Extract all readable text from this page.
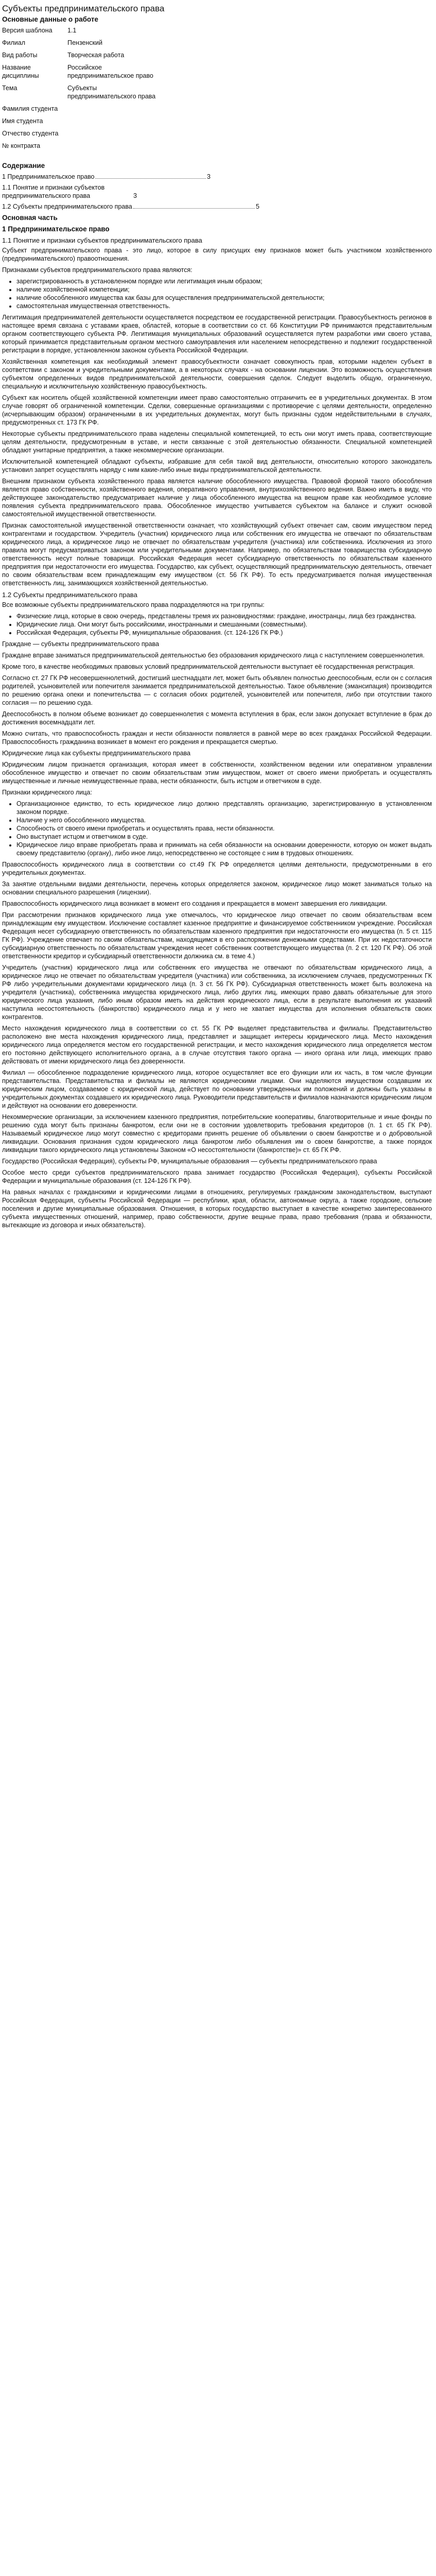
Субъекты предпринимательского права
Основные данные о работе
Версия шаблона	1.1
Филиал	Пензенский
Вид работы	Творческая работа
Название дисциплины	Российское предпринимательское право
Тема	Субъекты предпринимательского права
Фамилия студента	
Имя студента	
Отчество студента	
№ контракта	
Содержание
1 Предпринимательское право	3
1.1 Понятие и признаки субъектов предпринимательского права	3
1.2 Субъекты предпринимательского права	5
Основная часть
1 Предпринимательское право
1.1 Понятие и признаки субъектов предпринимательского права

Субъект предпринимательского права - это лицо, которое в силу присущих ему признаков может быть участником хозяйственного (предпринимательского) правоотношения.

Признаками субъектов предпринимательского права являются:

• зарегистрированность в установленном порядке или легитимация иным образом;
• наличие хозяйственной компетенции;
• наличие обособленного имущества как базы для осуществления предпринимательской деятельности;
• самостоятельная имущественная ответственность.

Легитимация предпринимателей деятельности осуществляется посредством ее государственной регистрации. Правосубъектность регионов в настоящее время связана с уставами краев, областей, которые в соответствии со ст. 66 Конституции РФ принимаются представительным органом соответствующего субъекта РФ. Легитимация муниципальных образований осуществляется путем разработки ими своего устава, который принимается представительным органом местного самоуправления или населением непосредственно и подлежит государственной регистрации в порядке, установленном законом субъекта Российской Федерации.

Хозяйственная компетенция как необходимый элемент правосубъектности означает совокупность прав, которыми наделен субъект в соответствии с законом и учредительными документами, а в некоторых случаях - на основании лицензии. Это возможность осуществления субъектом определенных видов предпринимательской деятельности, совершения сделок. Следует выделить общую, ограниченную, специальную и исключительную хозяйственную правосубъектность.

Субъект как носитель общей хозяйственной компетенции имеет право самостоятельно отграничить ее в учредительных документах. В этом случае говорят об ограниченной компетенции. Сделки, совершенные организациями с противоречие с целями деятельности, определенно (исчерпывающим образом) ограниченными в их учредительных документах, могут быть признаны судом недействительными в случаях, предусмотренных ст. 173 ГК РФ.

Некоторые субъекты предпринимательского права наделены специальной компетенцией, то есть они могут иметь права, соответствующие целям деятельности, предусмотренным в уставе, и нести связанные с этой деятельностью обязанности. Специальной компетенцией обладают унитарные предприятия, а также некоммерческие организации.

Исключительной компетенцией обладают субъекты, избравшие для себя такой вид деятельности, относительно которого законодатель установил запрет осуществлять наряду с ним какие-либо иные виды предпринимательской деятельности.

Внешним признаком субъекта хозяйственного права является наличие обособленного имущества. Правовой формой такого обособления является право собственности, хозяйственного ведения, оперативного управления, внутрихозяйственного ведения. Важно иметь в виду, что действующее законодательство предусматривает наличие у лица обособленного имущества на вещном праве как необходимое условие появления субъекта предпринимательского права. Обособленное имущество учитывается субъектом на балансе и служит основой самостоятельной имущественной ответственности.

Признак самостоятельной имущественной ответственности означает, что хозяйствующий субъект отвечает сам, своим имуществом перед контрагентами и государством. Учредитель (участник) юридического лица или собственник его имущества не отвечают по обязательствам юридического лица, а юридическое лицо не отвечает по обязательствам учредителя (участника) или собственника. Исключения из этого правила могут предусматриваться законом или учредительными документами. Например, по обязательствам товарищества субсидиарную ответственность несут полные товарищи. Российская Федерация несет субсидиарную ответственность по обязательствам казенного предприятия при недостаточности его имущества. Государство, как субъект, осуществляющий предпринимательскую деятельность, отвечает по своим обязательствам всем принадлежащим ему имуществом (ст. 56 ГК РФ). То есть предусматривается полная имущественная ответственность лиц, занимающихся хозяйственной деятельностью.

1.2 Субъекты предпринимательского права

Все возможные субъекты предпринимательского права подразделяются на три группы:

• Физические лица, которые в свою очередь, представлены тремя их разновидностями: граждане, иностранцы, лица без гражданства.
• Юридические лица. Они могут быть российскими, иностранными и смешанными (совместными).
• Российская Федерация, субъекты РФ, муниципальные образования. (ст. 124-126 ГК РФ.)

Граждане — субъекты предпринимательского права

Граждане вправе заниматься предпринимательской деятельностью без образования юридического лица с наступлением совершеннолетия.

Кроме того, в качестве необходимых правовых условий предпринимательской деятельности выступает её государственная регистрация.

Согласно ст. 27 ГК РФ несовершеннолетний, достигший шестнадцати лет, может быть объявлен полностью дееспособным, если он с согласия родителей, усыновителей или попечителя занимается предпринимательской деятельностью. Такое объявление (эмансипация) производится по решению органа опеки и попечительства — с согласия обоих родителей, усыновителей или попечителя, либо при отсутствии такого согласия — по решению суда.

Дееспособность в полном объеме возникает до совершеннолетия с момента вступления в брак, если закон допускает вступление в брак до достижения восемнадцати лет.

Можно считать, что правоспособность граждан и нести обязанности появляется в равной мере во всех гражданах Российской Федерации. Правоспособность гражданина возникает в момент его рождения и прекращается смертью.

Юридические лица как субъекты предпринимательского права

Юридическим лицом признается организация, которая имеет в собственности, хозяйственном ведении или оперативном управлении обособленное имущество и отвечает по своим обязательствам этим имуществом, может от своего имени приобретать и осуществлять имущественные и личные неимущественные права, нести обязанности, быть истцом и ответчиком в суде.

Признаки юридического лица:

• Организационное единство, то есть юридическое лицо должно представлять организацию, зарегистрированную в установленном законом порядке.
• Наличие у него обособленного имущества.
• Способность от своего имени приобретать и осуществлять права, нести обязанности.
• Оно выступает истцом и ответчиком в суде.
• Юридическое лицо вправе приобретать права и принимать на себя обязанности на основании доверенности, которую он может выдать своему представителю (органу), либо иное лицо, непосредственно не состоящее с ним в трудовых отношениях.

Правоспособность юридического лица в соответствии со ст.49 ГК РФ определяется целями деятельности, предусмотренными в его учредительных документах.

За занятие отдельными видами деятельности, перечень которых определяется законом, юридическое лицо может заниматься только на основании специального разрешения (лицензии).

Правоспособность юридического лица возникает в момент его создания и прекращается в момент завершения его ликвидации.

При рассмотрении признаков юридического лица уже отмечалось, что юридическое лицо отвечает по своим обязательствам всем принадлежащим ему имуществом. Исключение составляет казенное предприятие и финансируемое собственником учреждение. Российская Федерация несет субсидиарную ответственность по обязательствам казенного предприятия при недостаточности его имущества (п. 5 ст. 115 ГК РФ). Учреждение отвечает по своим обязательствам, находящимся в его распоряжении денежными средствами. При их недостаточности субсидиарную ответственность по обязательствам учреждения несет собственник соответствующего имущества (п. 2 ст. 120 ГК РФ). Об этой ответственности кредитор и субсидиарный ответственности должника см. в теме 4.)

Учредитель (участник) юридического лица или собственник его имущества не отвечают по обязательствам юридического лица, а юридическое лицо не отвечает по обязательствам учредителя (участника) или собственника, за исключением случаев, предусмотренных ГК РФ либо учредительными документами юридического лица (п. 3 ст. 56 ГК РФ). Субсидиарная ответственность может быть возложена на учредителя (участника), собственника имущества юридического лица, либо других лиц, имеющих право давать обязательные для этого юридического лица указания, либо иным образом иметь на действия юридического лица, если в результате выполнения их указаний наступила несостоятельность (банкротство) юридического лица и у него не хватает имущества для исполнения обязательств своих контрагентов.

Место нахождения юридического лица в соответствии со ст. 55 ГК РФ выделяет представительства и филиалы. Представительство расположено вне места нахождения юридического лица, представляет и защищает интересы юридического лица. Место нахождения юридического лица определяется местом его государственной регистрации, и место нахождения юридического лица определяется местом его постоянно действующего исполнительного органа, а в случае отсутствия такого органа — иного органа или лица, имеющих право действовать от имени юридического лица без доверенности.

Филиал — обособленное подразделение юридического лица, которое осуществляет все его функции или их часть, в том числе функции представительства. Представительства и филиалы не являются юридическими лицами. Они наделяются имуществом создавшим их юридическим лицом, создаваемое с юридической лица, действует по основании утвержденных им положений и должны быть указаны в учредительных документах создавшего их юридического лица. Руководители представительств и филиалов назначаются юридическим лицом и действуют на основании его доверенности.

Некоммерческие организации, за исключением казенного предприятия, потребительские кооперативы, благотворительные и иные фонды по решению суда могут быть признаны банкротом, если они не в состоянии удовлетворить требования кредиторов (п. 1 ст. 65 ГК РФ). Называемый юридическое лицо могут совместно с кредиторами принять решение об объявлении о своем банкротстве и о добровольной ликвидации. Основания признания судом юридического лица банкротом либо объявления им о своем банкротстве, а также порядок ликвидации такого юридического лица установлены Законом «О несостоятельности (банкротстве)» ст. 65 ГК РФ.

Государство (Российская Федерация), субъекты РФ, муниципальные образования — субъекты предпринимательского права

Особое место среди субъектов предпринимательского права занимает государство (Российская Федерация), субъекты Российской Федерации и муниципальные образования (ст. 124-126 ГК РФ).

На равных началах с гражданскими и юридическими лицами в отношениях, регулируемых гражданским законодательством, выступают Российская Федерация, субъекты Российской Федерации — республики, края, области, автономные округа, а также городские, сельские поселения и другие муниципальные образования. Отношения, в которых государство выступает в качестве конкретно заинтересованного субъекта имущественных отношений, например, право собственности, другие вещные права, право требования (права и обязанности, вытекающие из договора и иных обязательств).
